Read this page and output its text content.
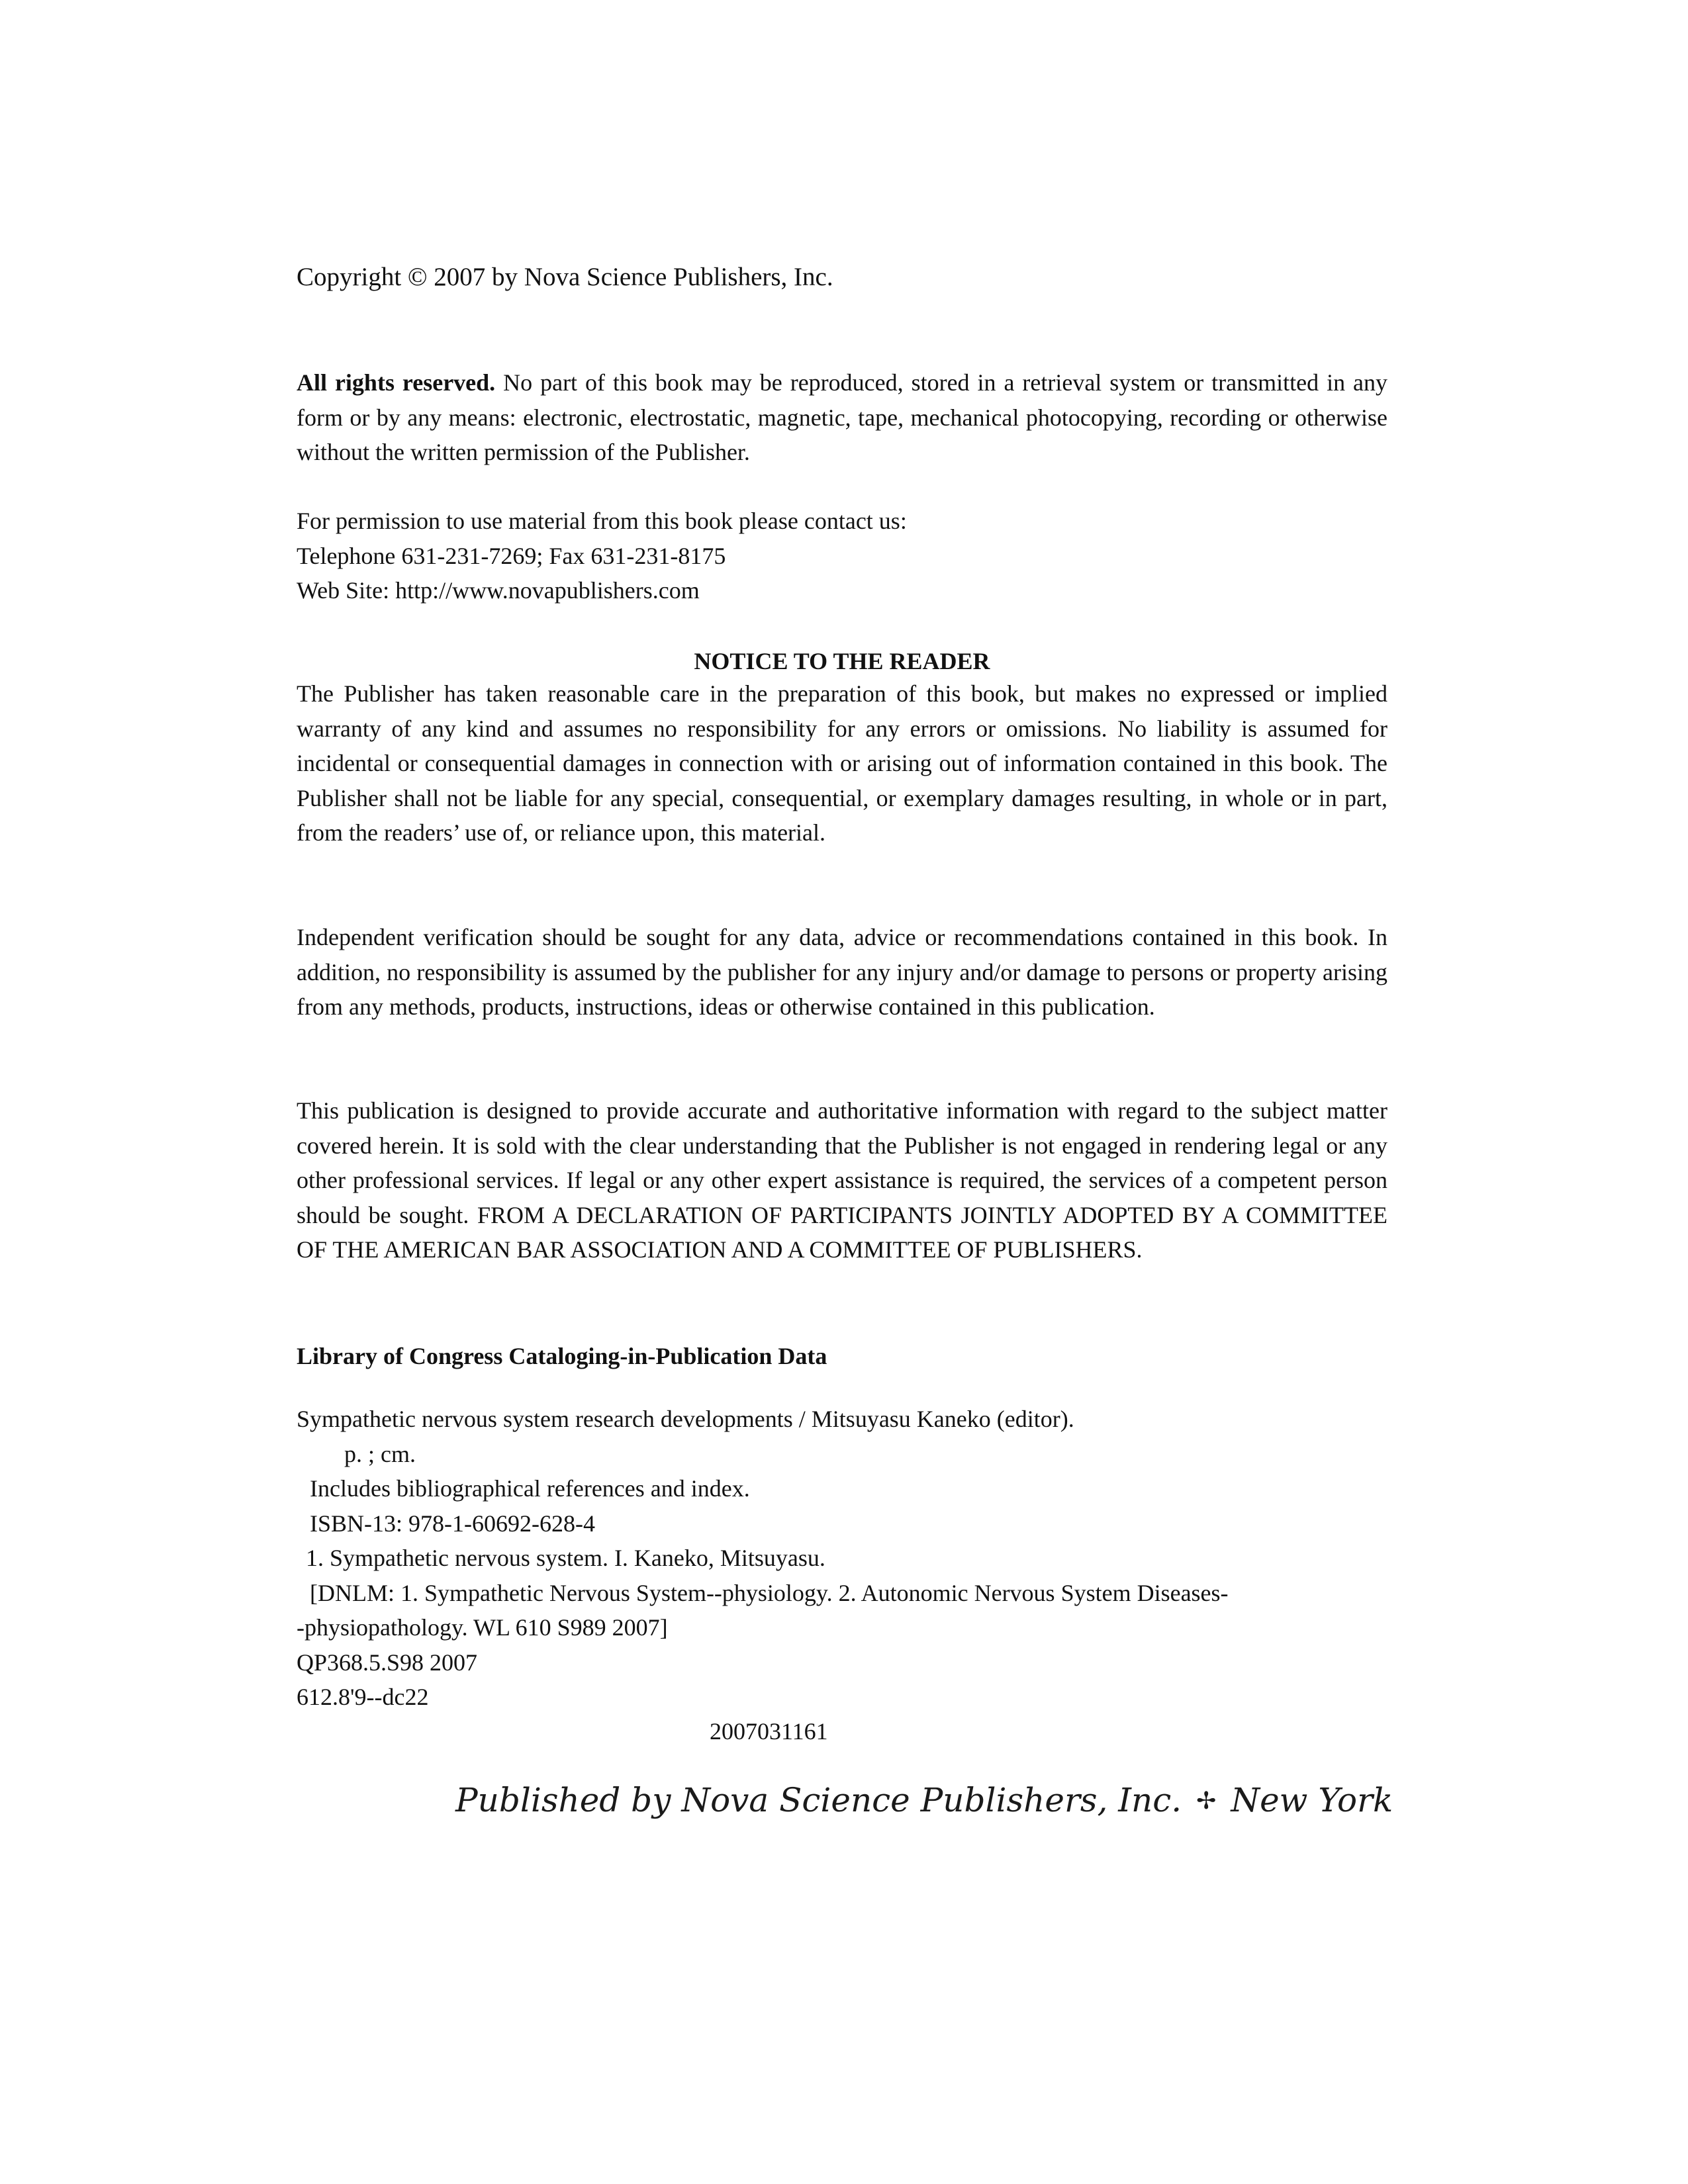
Copyright © 2007 by Nova Science Publishers, Inc.
All rights reserved. No part of this book may be reproduced, stored in a retrieval system or transmitted in any form or by any means: electronic, electrostatic, magnetic, tape, mechanical photocopying, recording or otherwise without the written permission of the Publisher.
For permission to use material from this book please contact us:
Telephone 631-231-7269; Fax 631-231-8175
Web Site: http://www.novapublishers.com
NOTICE TO THE READER
The Publisher has taken reasonable care in the preparation of this book, but makes no expressed or implied warranty of any kind and assumes no responsibility for any errors or omissions. No liability is assumed for incidental or consequential damages in connection with or arising out of information contained in this book. The Publisher shall not be liable for any special, consequential, or exemplary damages resulting, in whole or in part, from the readers’ use of, or reliance upon, this material.
Independent verification should be sought for any data, advice or recommendations contained in this book. In addition, no responsibility is assumed by the publisher for any injury and/or damage to persons or property arising from any methods, products, instructions, ideas or otherwise contained in this publication.
This publication is designed to provide accurate and authoritative information with regard to the subject matter covered herein. It is sold with the clear understanding that the Publisher is not engaged in rendering legal or any other professional services. If legal or any other expert assistance is required, the services of a competent person should be sought. FROM A DECLARATION OF PARTICIPANTS JOINTLY ADOPTED BY A COMMITTEE OF THE AMERICAN BAR ASSOCIATION AND A COMMITTEE OF PUBLISHERS.
Library of Congress Cataloging-in-Publication Data
Sympathetic nervous system research developments / Mitsuyasu Kaneko (editor).
p. ; cm.
Includes bibliographical references and index.
ISBN-13: 978-1-60692-628-4
1. Sympathetic nervous system. I. Kaneko, Mitsuyasu.
[DNLM: 1. Sympathetic Nervous System--physiology. 2. Autonomic Nervous System Diseases-
-physiopathology. WL 610 S989 2007]
QP368.5.S98 2007
612.8'9--dc22
2007031161
Published by Nova Science Publishers, Inc. ✢ New York
